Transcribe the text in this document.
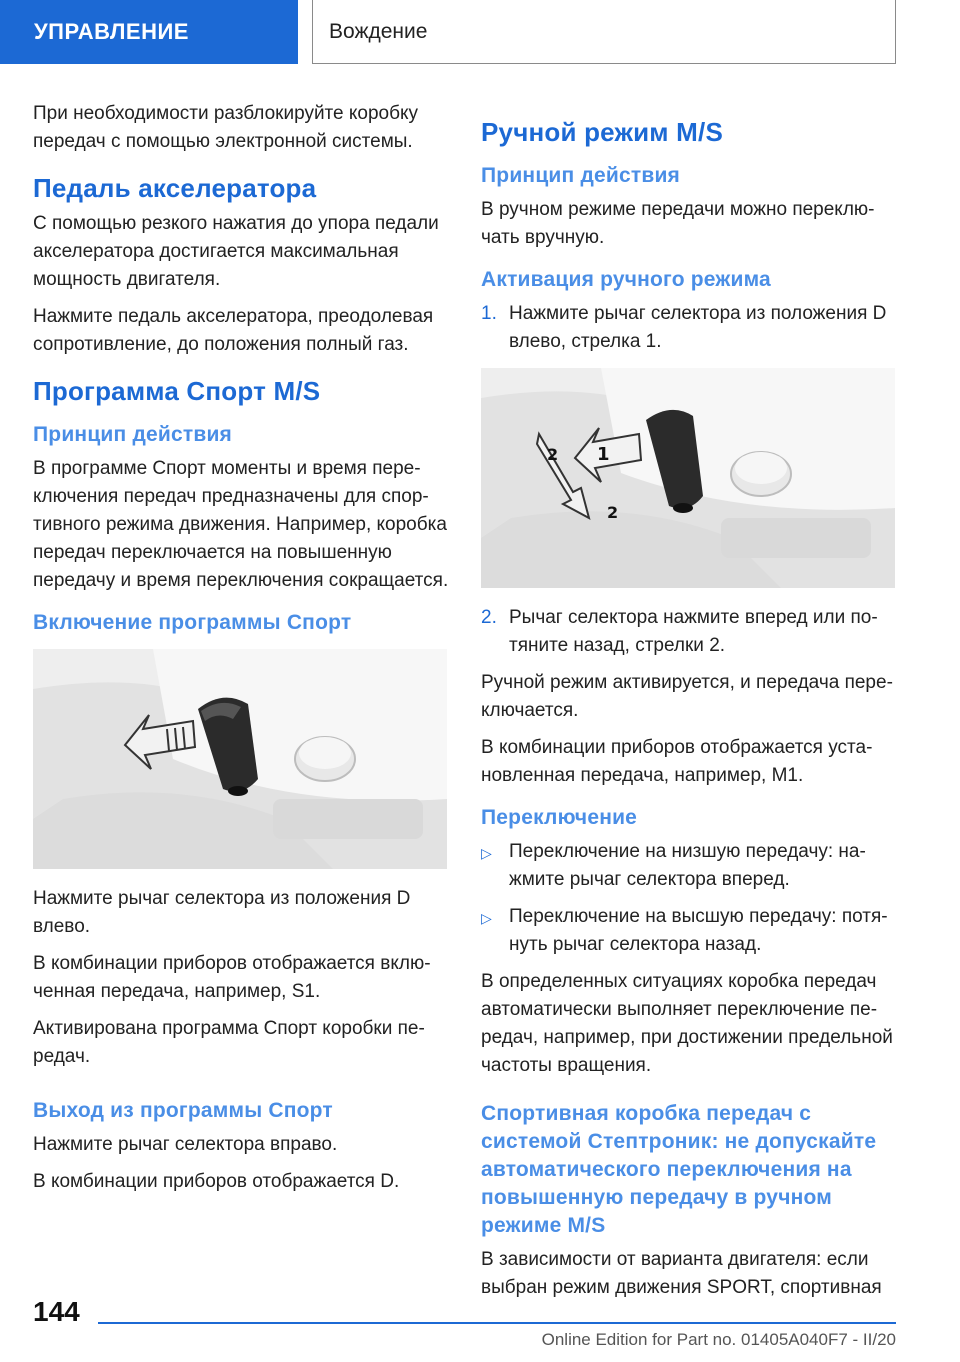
УПРАВЛЕНИЕ	Вождение

При необходимости разблокируйте коробку передач с помощью электронной системы.

Педаль акселератора

С помощью резкого нажатия до упора педали акселератора достигается максимальная мощность двигателя.

Нажмите педаль акселератора, преодолевая сопротивление, до положения полный газ.

Программа Спорт M/S
Принцип действия

В программе Спорт моменты и время переключения передач предназначены для спортивного режима движения. Например, коробка передач переключается на повышенную передачу и время переключения сокращается.

Включение программы Спорт

Нажмите рычаг селектора из положения D влево.

В комбинации приборов отображается включенная передача, например, S1.

Активирована программа Спорт коробки передач.

Выход из программы Спорт

Нажмите рычаг селектора вправо.

В комбинации приборов отображается D.

Ручной режим M/S
Принцип действия

В ручном режиме передачи можно переключать вручную.

Активация ручного режима
1. Нажмите рычаг селектора из положения D влево, стрелка 1.
1
2
2
2. Рычаг селектора нажмите вперед или потяните назад, стрелки 2.

Ручной режим активируется, и передача переключается.

В комбинации приборов отображается установленная передача, например, M1.

Переключение
▷ Переключение на низшую передачу: нажмите рычаг селектора вперед.
▷ Переключение на высшую передачу: потянуть рычаг селектора назад.

В определенных ситуациях коробка передач автоматически выполняет переключение передач, например, при достижении предельной частоты вращения.

Спортивная коробка передач с системой Стептроник: не допускайте автоматического переключения на повышенную передачу в ручном режиме M/S

В зависимости от варианта двигателя: если выбран режим движения SPORT, спортивная

144
Online Edition for Part no. 01405A040F7 - II/20
